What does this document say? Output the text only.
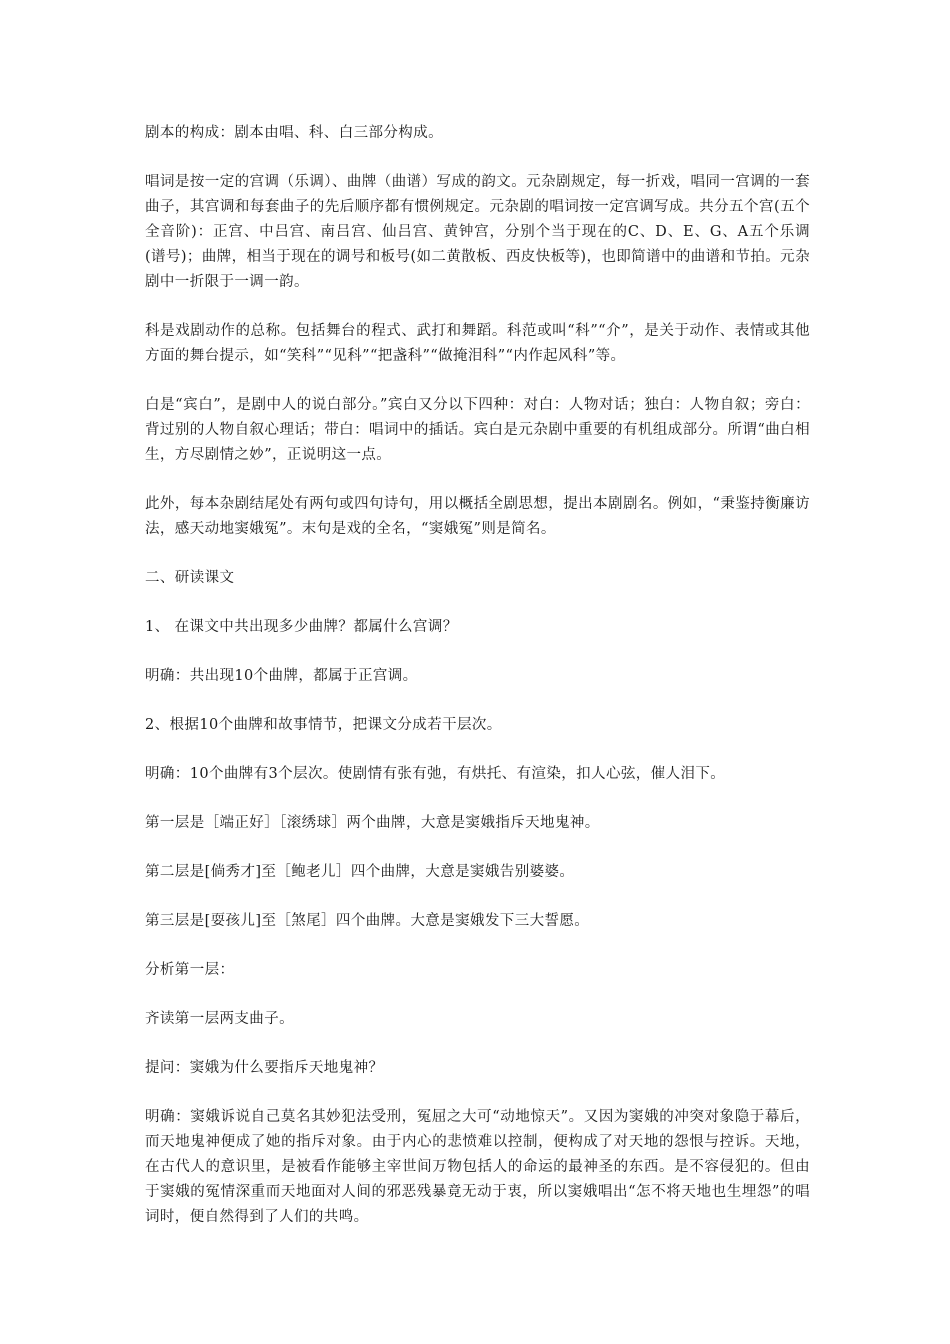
剧本的构成：剧本由唱、科、白三部分构成。

唱词是按一定的宫调（乐调）、曲牌（曲谱）写成的韵文。元杂剧规定，每一折戏，唱同一宫调的一套曲子，其宫调和每套曲子的先后顺序都有惯例规定。元杂剧的唱词按一定宫调写成。共分五个宫(五个全音阶)：正宫、中吕宫、南吕宫、仙吕宫、黄钟宫，分别个当于现在的C、D、E、G、A五个乐调(谱号)；曲牌，相当于现在的调号和板号(如二黄散板、西皮快板等)，也即简谱中的曲谱和节拍。元杂剧中一折限于一调一韵。

科是戏剧动作的总称。包括舞台的程式、武打和舞蹈。科范或叫“科”“介”，是关于动作、表情或其他方面的舞台提示，如“笑科”“见科”“把盏科”“做掩泪科”“内作起风科”等。

白是“宾白”，是剧中人的说白部分。”宾白又分以下四种：对白：人物对话；独白：人物自叙；旁白：背过别的人物自叙心理话；带白：唱词中的插话。宾白是元杂剧中重要的有机组成部分。所谓“曲白相生，方尽剧情之妙”，正说明这一点。

此外，每本杂剧结尾处有两句或四句诗句，用以概括全剧思想，提出本剧剧名。例如，“秉鉴持衡廉访法，感天动地窦娥冤”。末句是戏的全名，“窦娥冤”则是简名。

二、研读课文

1、 在课文中共出现多少曲牌？都属什么宫调？

明确：共出现10个曲牌，都属于正宫调。

2、根据10个曲牌和故事情节，把课文分成若干层次。

明确：10个曲牌有3个层次。使剧情有张有弛，有烘托、有渲染，扣人心弦，催人泪下。

第一层是［端正好］［滚绣球］两个曲牌，大意是窦娥指斥天地鬼神。

第二层是[倘秀才]至［鲍老儿］四个曲牌，大意是窦娥告别婆婆。

第三层是[耍孩儿]至［煞尾］四个曲牌。大意是窦娥发下三大誓愿。

分析第一层：

齐读第一层两支曲子。

提问：窦娥为什么要指斥天地鬼神？

明确：窦娥诉说自己莫名其妙犯法受刑，冤屈之大可“动地惊天”。又因为窦娥的冲突对象隐于幕后，而天地鬼神便成了她的指斥对象。由于内心的悲愤难以控制，便构成了对天地的怨恨与控诉。天地，在古代人的意识里，是被看作能够主宰世间万物包括人的命运的最神圣的东西。是不容侵犯的。但由于窦娥的冤情深重而天地面对人间的邪恶残暴竟无动于衷，所以窦娥唱出“怎不将天地也生埋怨”的唱词时，便自然得到了人们的共鸣。
